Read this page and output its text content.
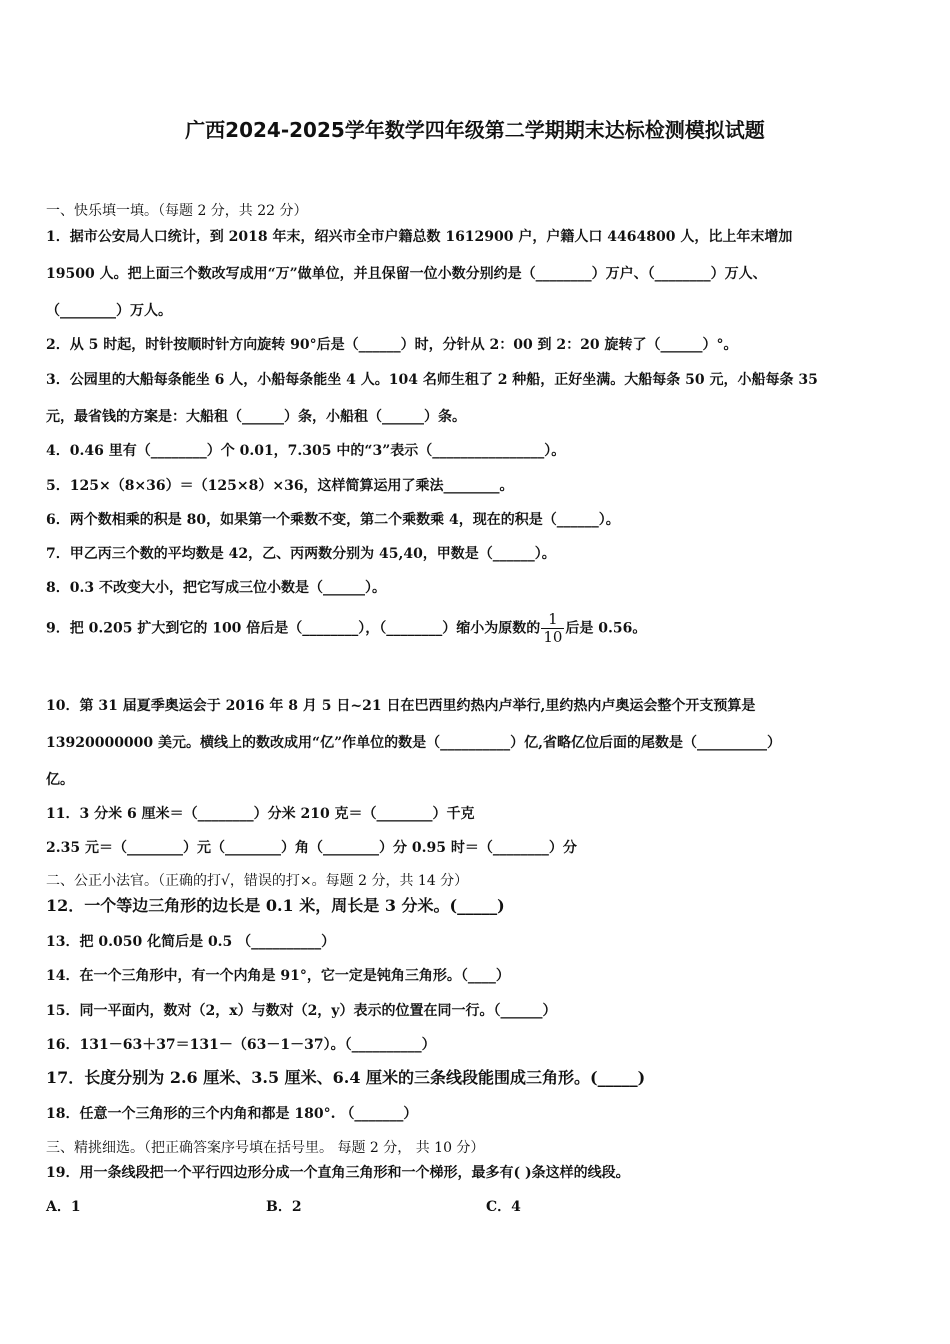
广西2024-2025学年数学四年级第二学期期末达标检测模拟试题
一、快乐填一填。（每题 2 分，共 22 分）
1．据市公安局人口统计，到 2018 年末，绍兴市全市户籍总数 1612900 户，户籍人口 4464800 人，比上年末增加
19500 人。把上面三个数改写成用“万”做单位，并且保留一位小数分别约是（________）万户、（________）万人、
（________）万人。
2．从 5 时起，时针按顺时针方向旋转 90°后是（______）时，分针从 2：00 到 2：20 旋转了（______）°。
3．公园里的大船每条能坐 6 人，小船每条能坐 4 人。104 名师生租了 2 种船，正好坐满。大船每条 50 元，小船每条 35
元，最省钱的方案是：大船租（______）条，小船租（______）条。
4．0.46 里有（________）个 0.01，7.305 中的“3”表示（________________）。
5．125×（8×36）＝（125×8）×36，这样简算运用了乘法________。
6．两个数相乘的积是 80，如果第一个乘数不变，第二个乘数乘 4，现在的积是（______）。
7．甲乙丙三个数的平均数是 42，乙、丙两数分别为 45,40，甲数是（______）。
8．0.3 不改变大小，把它写成三位小数是（______）。
9．把 0.205 扩大到它的 100 倍后是（________），（________）缩小为原数的 $\frac{1}{10}$ 后是 0.56。
10．第 31 届夏季奥运会于 2016 年 8 月 5 日~21 日在巴西里约热内卢举行,里约热内卢奥运会整个开支预算是
13920000000 美元。横线上的数改成用“亿”作单位的数是（__________）亿,省略亿位后面的尾数是（__________）
亿。
11．3 分米 6 厘米＝（________）分米 210 克＝（________）千克
2.35 元＝（________）元（________）角（________）分 0.95 时＝（________）分
二、公正小法官。（正确的打√，错误的打×。每题 2 分，共 14 分）
12．一个等边三角形的边长是 0.1 米，周长是 3 分米。(_____)
13．把 0.050 化简后是 0.5 （__________）
14．在一个三角形中，有一个内角是 91°，它一定是钝角三角形。（____）
15．同一平面内，数对（2，x）与数对（2，y）表示的位置在同一行。（______）
16．131－63＋37＝131－（63－1－37）。（__________）
17．长度分别为 2.6 厘米、3.5 厘米、6.4 厘米的三条线段能围成三角形。(_____)
18．任意一个三角形的三个内角和都是 180°. （_______）
三、精挑细选。（把正确答案序号填在括号里。 每题 2 分， 共 10 分）
19．用一条线段把一个平行四边形分成一个直角三角形和一个梯形，最多有( )条这样的线段。
A．1	B．2	C．4
